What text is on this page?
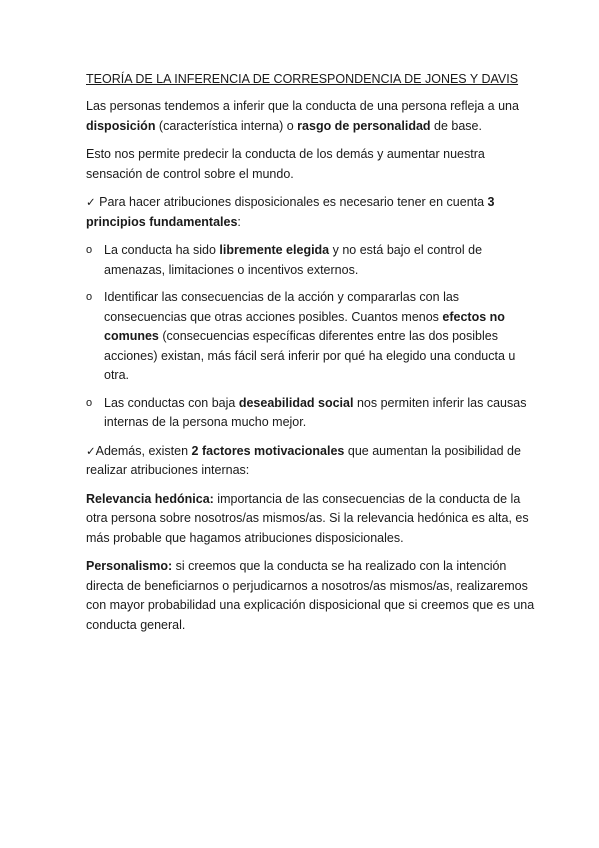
TEORÍA DE LA INFERENCIA DE CORRESPONDENCIA DE JONES Y DAVIS

Las personas tendemos a inferir que la conducta de una persona refleja a una disposición (característica interna) o rasgo de personalidad de base.

Esto nos permite predecir la conducta de los demás y aumentar nuestra sensación de control sobre el mundo.

✓ Para hacer atribuciones disposicionales es necesario tener en cuenta 3 principios fundamentales:

o La conducta ha sido libremente elegida y no está bajo el control de amenazas, limitaciones o incentivos externos.
o Identificar las consecuencias de la acción y compararlas con las consecuencias que otras acciones posibles. Cuantos menos efectos no comunes (consecuencias específicas diferentes entre las dos posibles acciones) existan, más fácil será inferir por qué ha elegido una conducta u otra.
o Las conductas con baja deseabilidad social nos permiten inferir las causas internas de la persona mucho mejor.

✓Además, existen 2 factores motivacionales que aumentan la posibilidad de realizar atribuciones internas:

Relevancia hedónica: importancia de las consecuencias de la conducta de la otra persona sobre nosotros/as mismos/as. Si la relevancia hedónica es alta, es más probable que hagamos atribuciones disposicionales.

Personalismo: si creemos que la conducta se ha realizado con la intención directa de beneficiarnos o perjudicarnos a nosotros/as mismos/as, realizaremos con mayor probabilidad una explicación disposicional que si creemos que es una conducta general.
